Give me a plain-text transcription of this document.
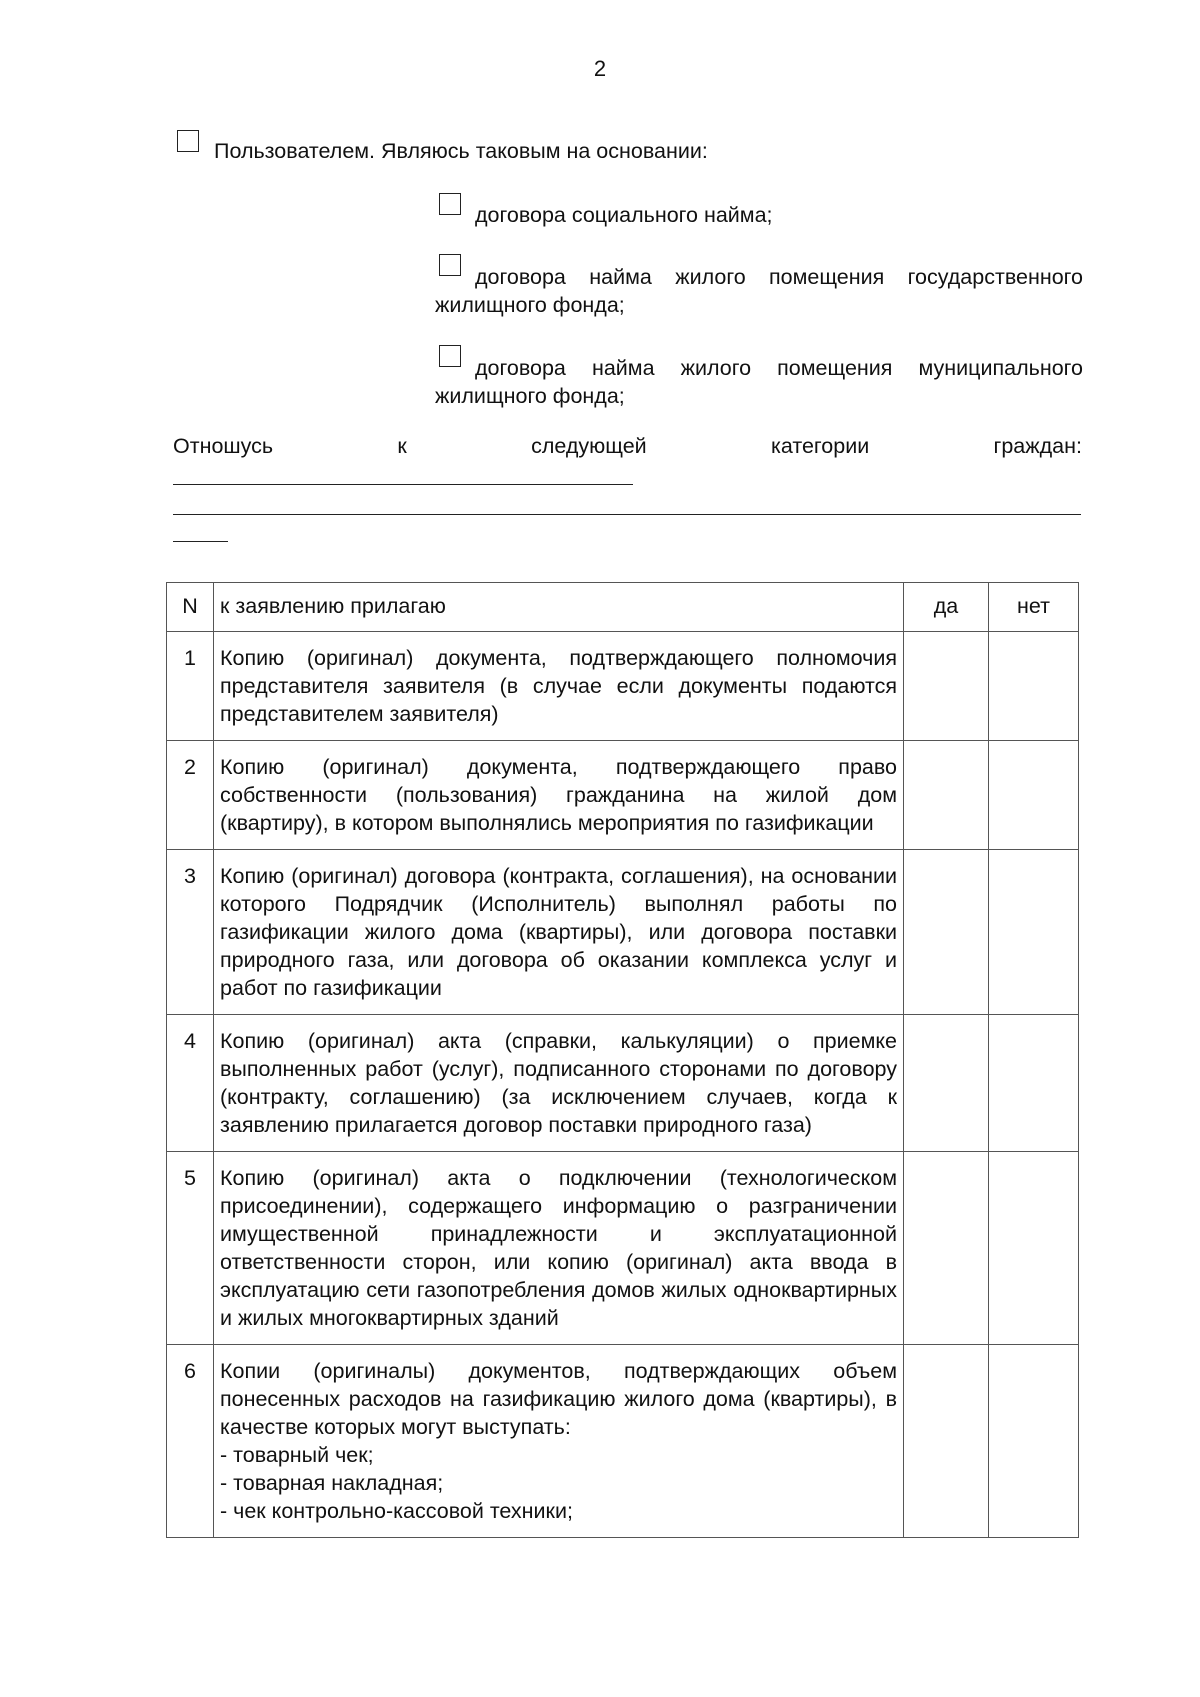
2
Пользователем. Являюсь таковым на основании:
договора социального найма;
договора найма жилого помещения государственного жилищного фонда;
договора найма жилого помещения муниципального жилищного фонда;
Отношусь	к	следующей	категории	граждан:
N	к заявлению прилагаю	да	нет
1	Копию (оригинал) документа, подтверждающего полномочия представителя заявителя (в случае если документы подаются представителем заявителя)		
2	Копию (оригинал) документа, подтверждающего право собственности (пользования) гражданина на жилой дом (квартиру), в котором выполнялись мероприятия по газификации		
3	Копию (оригинал) договора (контракта, соглашения), на основании которого Подрядчик (Исполнитель) выполнял работы по газификации жилого дома (квартиры), или договора поставки природного газа, или договора об оказании комплекса услуг и работ по газификации		
4	Копию (оригинал) акта (справки, калькуляции) о приемке выполненных работ (услуг), подписанного сторонами по договору (контракту, соглашению) (за исключением случаев, когда к заявлению прилагается договор поставки природного газа)		
5	Копию (оригинал) акта о подключении (технологическом присоединении), содержащего информацию о разграничении имущественной принадлежности и эксплуатационной ответственности сторон, или копию (оригинал) акта ввода в эксплуатацию сети газопотребления домов жилых одноквартирных и жилых многоквартирных зданий		
6	Копии (оригиналы) документов, подтверждающих объем понесенных расходов на газификацию жилого дома (квартиры), в качестве которых могут выступать:
- товарный чек;
- товарная накладная;
- чек контрольно-кассовой техники;		
